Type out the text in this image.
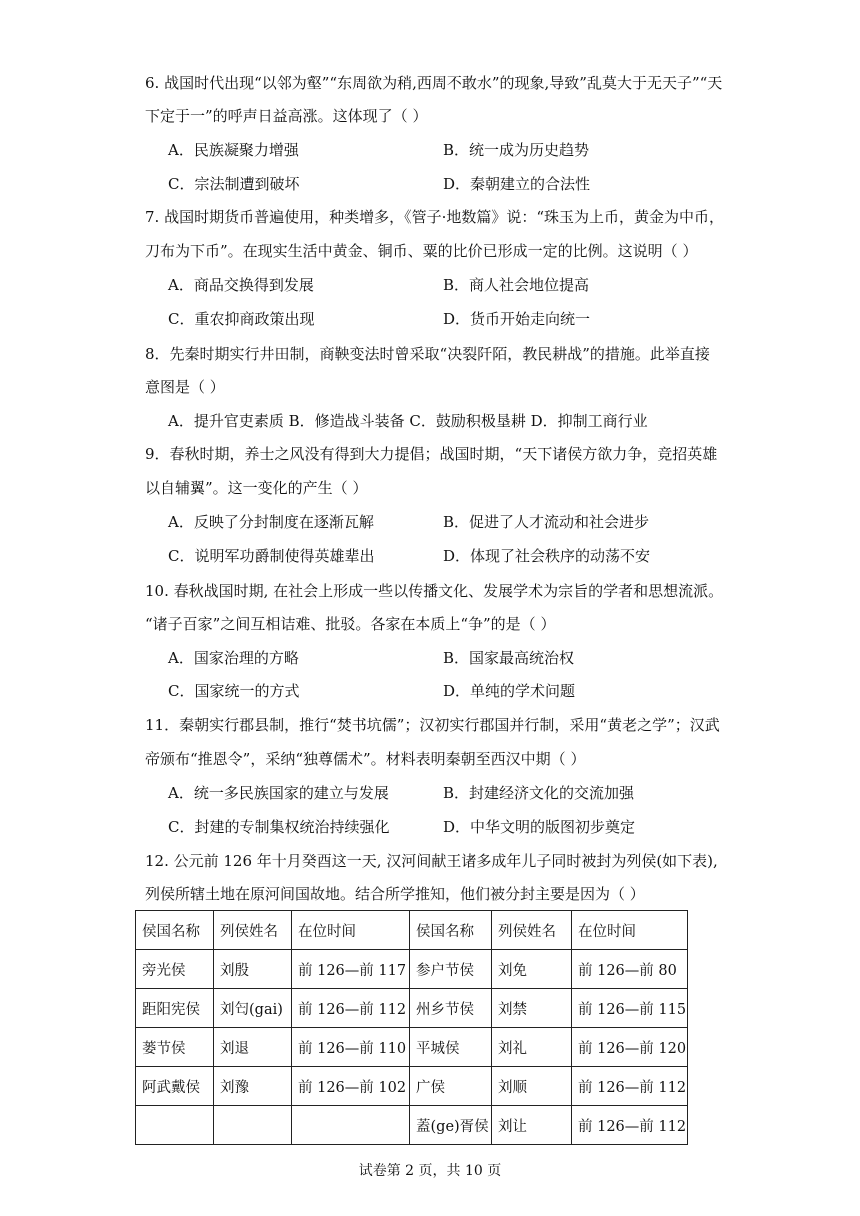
6. 战国时代出现“以邻为壑”“东周欲为稍,西周不敢水”的现象,导致”乱莫大于无天子”“天
下定于一”的呼声日益高涨。这体现了（ ）
A．民族凝聚力增强	B．统一成为历史趋势
C．宗法制遭到破坏	D．秦朝建立的合法性
7. 战国时期货币普遍使用，种类增多，《管子·地数篇》说：“珠玉为上币，黄金为中币，
刀布为下币”。在现实生活中黄金、铜币、粟的比价已形成一定的比例。这说明（ ）
A．商品交换得到发展	B．商人社会地位提高
C．重农抑商政策出现	D．货币开始走向统一
8．先秦时期实行井田制，商鞅变法时曾采取“决裂阡陌，教民耕战”的措施。此举直接
意图是（ ）
A．提升官吏素质 B．修造战斗装备 C．鼓励积极垦耕 D．抑制工商行业
9．春秋时期，养士之风没有得到大力提倡；战国时期，“天下诸侯方欲力争，竞招英雄
以自辅翼”。这一变化的产生（ ）
A．反映了分封制度在逐渐瓦解	B．促进了人才流动和社会进步
C．说明军功爵制使得英雄辈出	D．体现了社会秩序的动荡不安
10. 春秋战国时期, 在社会上形成一些以传播文化、发展学术为宗旨的学者和思想流派。
“诸子百家”之间互相诘难、批驳。各家在本质上“争”的是（ ）
A．国家治理的方略	B．国家最高统治权
C．国家统一的方式	D．单纯的学术问题
11．秦朝实行郡县制，推行“焚书坑儒”；汉初实行郡国并行制，采用“黄老之学”；汉武
帝颁布“推恩令”，采纳“独尊儒术”。材料表明秦朝至西汉中期（ ）
A．统一多民族国家的建立与发展	B．封建经济文化的交流加强
C．封建的专制集权统治持续强化	D．中华文明的版图初步奠定
12. 公元前 126 年十月癸酉这一天, 汉河间献王诸多成年儿子同时被封为列侯(如下表),
列侯所辖土地在原河间国故地。结合所学推知，他们被分封主要是因为（ ）
侯国名称	列侯姓名	在位时间	侯国名称	列侯姓名	在位时间
旁光侯	刘殷	前 126—前 117	参户节侯	刘免	前 126—前 80
距阳宪侯	刘匄(gai)	前 126—前 112	州乡节侯	刘禁	前 126—前 115
蒌节侯	刘退	前 126—前 110	平城侯	刘礼	前 126—前 120
阿武戴侯	刘豫	前 126—前 102	广侯	刘顺	前 126—前 112
			蓋(ge)胥侯	刘让	前 126—前 112
试卷第 2 页，共 10 页
